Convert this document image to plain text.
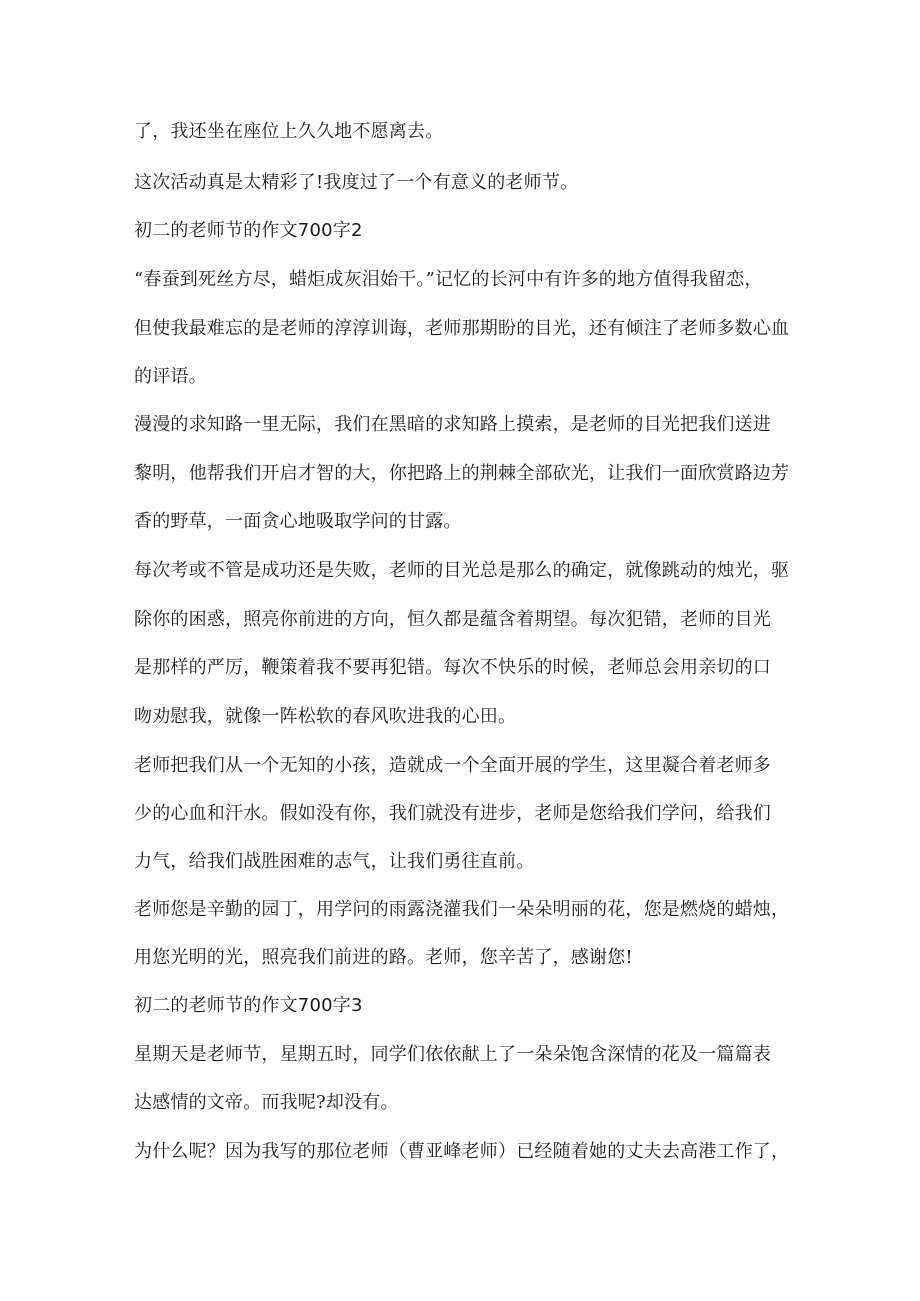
了，我还坐在座位上久久地不愿离去。

这次活动真是太精彩了!我度过了一个有意义的老师节。

初二的老师节的作文700字2

“春蚕到死丝方尽，蜡炬成灰泪始干。”记忆的长河中有许多的地方值得我留恋，

但使我最难忘的是老师的淳淳训诲，老师那期盼的目光，还有倾注了老师多数心血

的评语。

漫漫的求知路一里无际，我们在黑暗的求知路上摸索，是老师的目光把我们送进

黎明，他帮我们开启才智的大，你把路上的荆棘全部砍光，让我们一面欣赏路边芳

香的野草，一面贪心地吸取学问的甘露。

每次考或不管是成功还是失败，老师的目光总是那么的确定，就像跳动的烛光，驱

除你的困惑，照亮你前进的方向，恒久都是蕴含着期望。每次犯错，老师的目光

是那样的严厉，鞭策着我不要再犯错。每次不快乐的时候，老师总会用亲切的口

吻劝慰我，就像一阵松软的春风吹进我的心田。

老师把我们从一个无知的小孩，造就成一个全面开展的学生，这里凝合着老师多

少的心血和汗水。假如没有你，我们就没有进步，老师是您给我们学问，给我们

力气，给我们战胜困难的志气，让我们勇往直前。

老师您是辛勤的园丁，用学问的雨露浇灌我们一朵朵明丽的花，您是燃烧的蜡烛，

用您光明的光，照亮我们前进的路。老师，您辛苦了，感谢您!

初二的老师节的作文700字3

星期天是老师节，星期五时，同学们依依献上了一朵朵饱含深情的花及一篇篇表

达感情的文帝。而我呢?却没有。

为什么呢？因为我写的那位老师（曹亚峰老师）已经随着她的丈夫去高港工作了，
